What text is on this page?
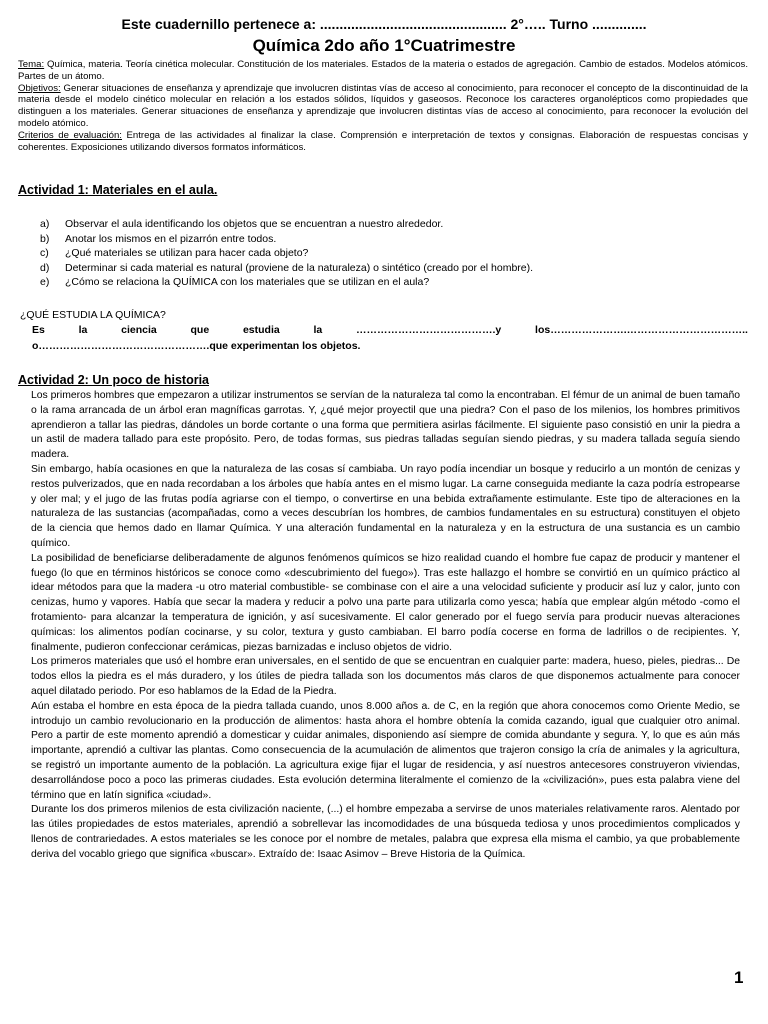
Este cuadernillo pertenece a: ................................................ 2°….. Turno ..............
Química 2do año 1°Cuatrimestre

Tema: Química, materia. Teoría cinética molecular. Constitución de los materiales. Estados de la materia o estados de agregación. Cambio de estados. Modelos atómicos. Partes de un átomo.

Objetivos: Generar situaciones de enseñanza y aprendizaje que involucren distintas vías de acceso al conocimiento, para reconocer el concepto de la discontinuidad de la materia desde el modelo cinético molecular en relación a los estados sólidos, líquidos y gaseosos. Reconoce los caracteres organolépticos como propiedades que distinguen a los materiales. Generar situaciones de enseñanza y aprendizaje que involucren distintas vías de acceso al conocimiento, para reconocer la evolución del modelo atómico.

Criterios de evaluación: Entrega de las actividades al finalizar la clase. Comprensión e interpretación de textos y consignas. Elaboración de respuestas concisas y coherentes. Exposiciones utilizando diversos formatos informáticos.

Actividad 1: Materiales en el aula.
a)	Observar el aula identificando los objetos que se encuentran a nuestro alrededor.
b)	Anotar los mismos en el pizarrón entre todos.
c)	¿Qué materiales se utilizan para hacer cada objeto?
d)	Determinar si cada material es natural (proviene de la naturaleza) o sintético (creado por el hombre).
e)	¿Cómo se relaciona la QUÍMICA con los materiales que se utilizan en el aula?
¿QUÉ ESTUDIA LA QUÍMICA?
Es	la	ciencia	que	estudia	la	………………………………….y	los………………….……………………………..
o………………………………………….que experimentan los objetos.
Actividad 2: Un poco de historia

Los primeros hombres que empezaron a utilizar instrumentos se servían de la naturaleza tal como la encontraban. El fémur de un animal de buen tamaño o la rama arrancada de un árbol eran magníficas garrotas. Y, ¿qué mejor proyectil que una piedra? Con el paso de los milenios, los hombres primitivos aprendieron a tallar las piedras, dándoles un borde cortante o una forma que permitiera asirlas fácilmente. El siguiente paso consistió en unir la piedra a un astil de madera tallado para este propósito. Pero, de todas formas, sus piedras talladas seguían siendo piedras, y su madera tallada seguía siendo madera.

Sin embargo, había ocasiones en que la naturaleza de las cosas sí cambiaba. Un rayo podía incendiar un bosque y reducirlo a un montón de cenizas y restos pulverizados, que en nada recordaban a los árboles que había antes en el mismo lugar. La carne conseguida mediante la caza podría estropearse y oler mal; y el jugo de las frutas podía agriarse con el tiempo, o convertirse en una bebida extrañamente estimulante. Este tipo de alteraciones en la naturaleza de las sustancias (acompañadas, como a veces descubrían los hombres, de cambios fundamentales en su estructura) constituyen el objeto de la ciencia que hemos dado en llamar Química. Y una alteración fundamental en la naturaleza y en la estructura de una sustancia es un cambio químico.

La posibilidad de beneficiarse deliberadamente de algunos fenómenos químicos se hizo realidad cuando el hombre fue capaz de producir y mantener el fuego (lo que en términos históricos se conoce como «descubrimiento del fuego»). Tras este hallazgo el hombre se convirtió en un químico práctico al idear métodos para que la madera -u otro material combustible- se combinase con el aire a una velocidad suficiente y producir así luz y calor, junto con cenizas, humo y vapores. Había que secar la madera y reducir a polvo una parte para utilizarla como yesca; había que emplear algún método -como el frotamiento- para alcanzar la temperatura de ignición, y así sucesivamente. El calor generado por el fuego servía para producir nuevas alteraciones químicas: los alimentos podían cocinarse, y su color, textura y gusto cambiaban. El barro podía cocerse en forma de ladrillos o de recipientes. Y, finalmente, pudieron confeccionar cerámicas, piezas barnizadas e incluso objetos de vidrio.

Los primeros materiales que usó el hombre eran universales, en el sentido de que se encuentran en cualquier parte: madera, hueso, pieles, piedras... De todos ellos la piedra es el más duradero, y los útiles de piedra tallada son los documentos más claros de que disponemos actualmente para conocer aquel dilatado periodo. Por eso hablamos de la Edad de la Piedra.

Aún estaba el hombre en esta época de la piedra tallada cuando, unos 8.000 años a. de C, en la región que ahora conocemos como Oriente Medio, se introdujo un cambio revolucionario en la producción de alimentos: hasta ahora el hombre obtenía la comida cazando, igual que cualquier otro animal. Pero a partir de este momento aprendió a domesticar y cuidar animales, disponiendo así siempre de comida abundante y segura. Y, lo que es aún más importante, aprendió a cultivar las plantas. Como consecuencia de la acumulación de alimentos que trajeron consigo la cría de animales y la agricultura, se registró un importante aumento de la población. La agricultura exige fijar el lugar de residencia, y así nuestros antecesores construyeron viviendas, desarrollándose poco a poco las primeras ciudades. Esta evolución determina literalmente el comienzo de la «civilización», pues esta palabra viene del término que en latín significa «ciudad».

Durante los dos primeros milenios de esta civilización naciente, (...) el hombre empezaba a servirse de unos materiales relativamente raros. Alentado por las útiles propiedades de estos materiales, aprendió a sobrellevar las incomodidades de una búsqueda tediosa y unos procedimientos complicados y llenos de contrariedades. A estos materiales se les conoce por el nombre de metales, palabra que expresa ella misma el cambio, ya que probablemente deriva del vocablo griego que significa «buscar». Extraído de: Isaac Asimov – Breve Historia de la Química.

1
